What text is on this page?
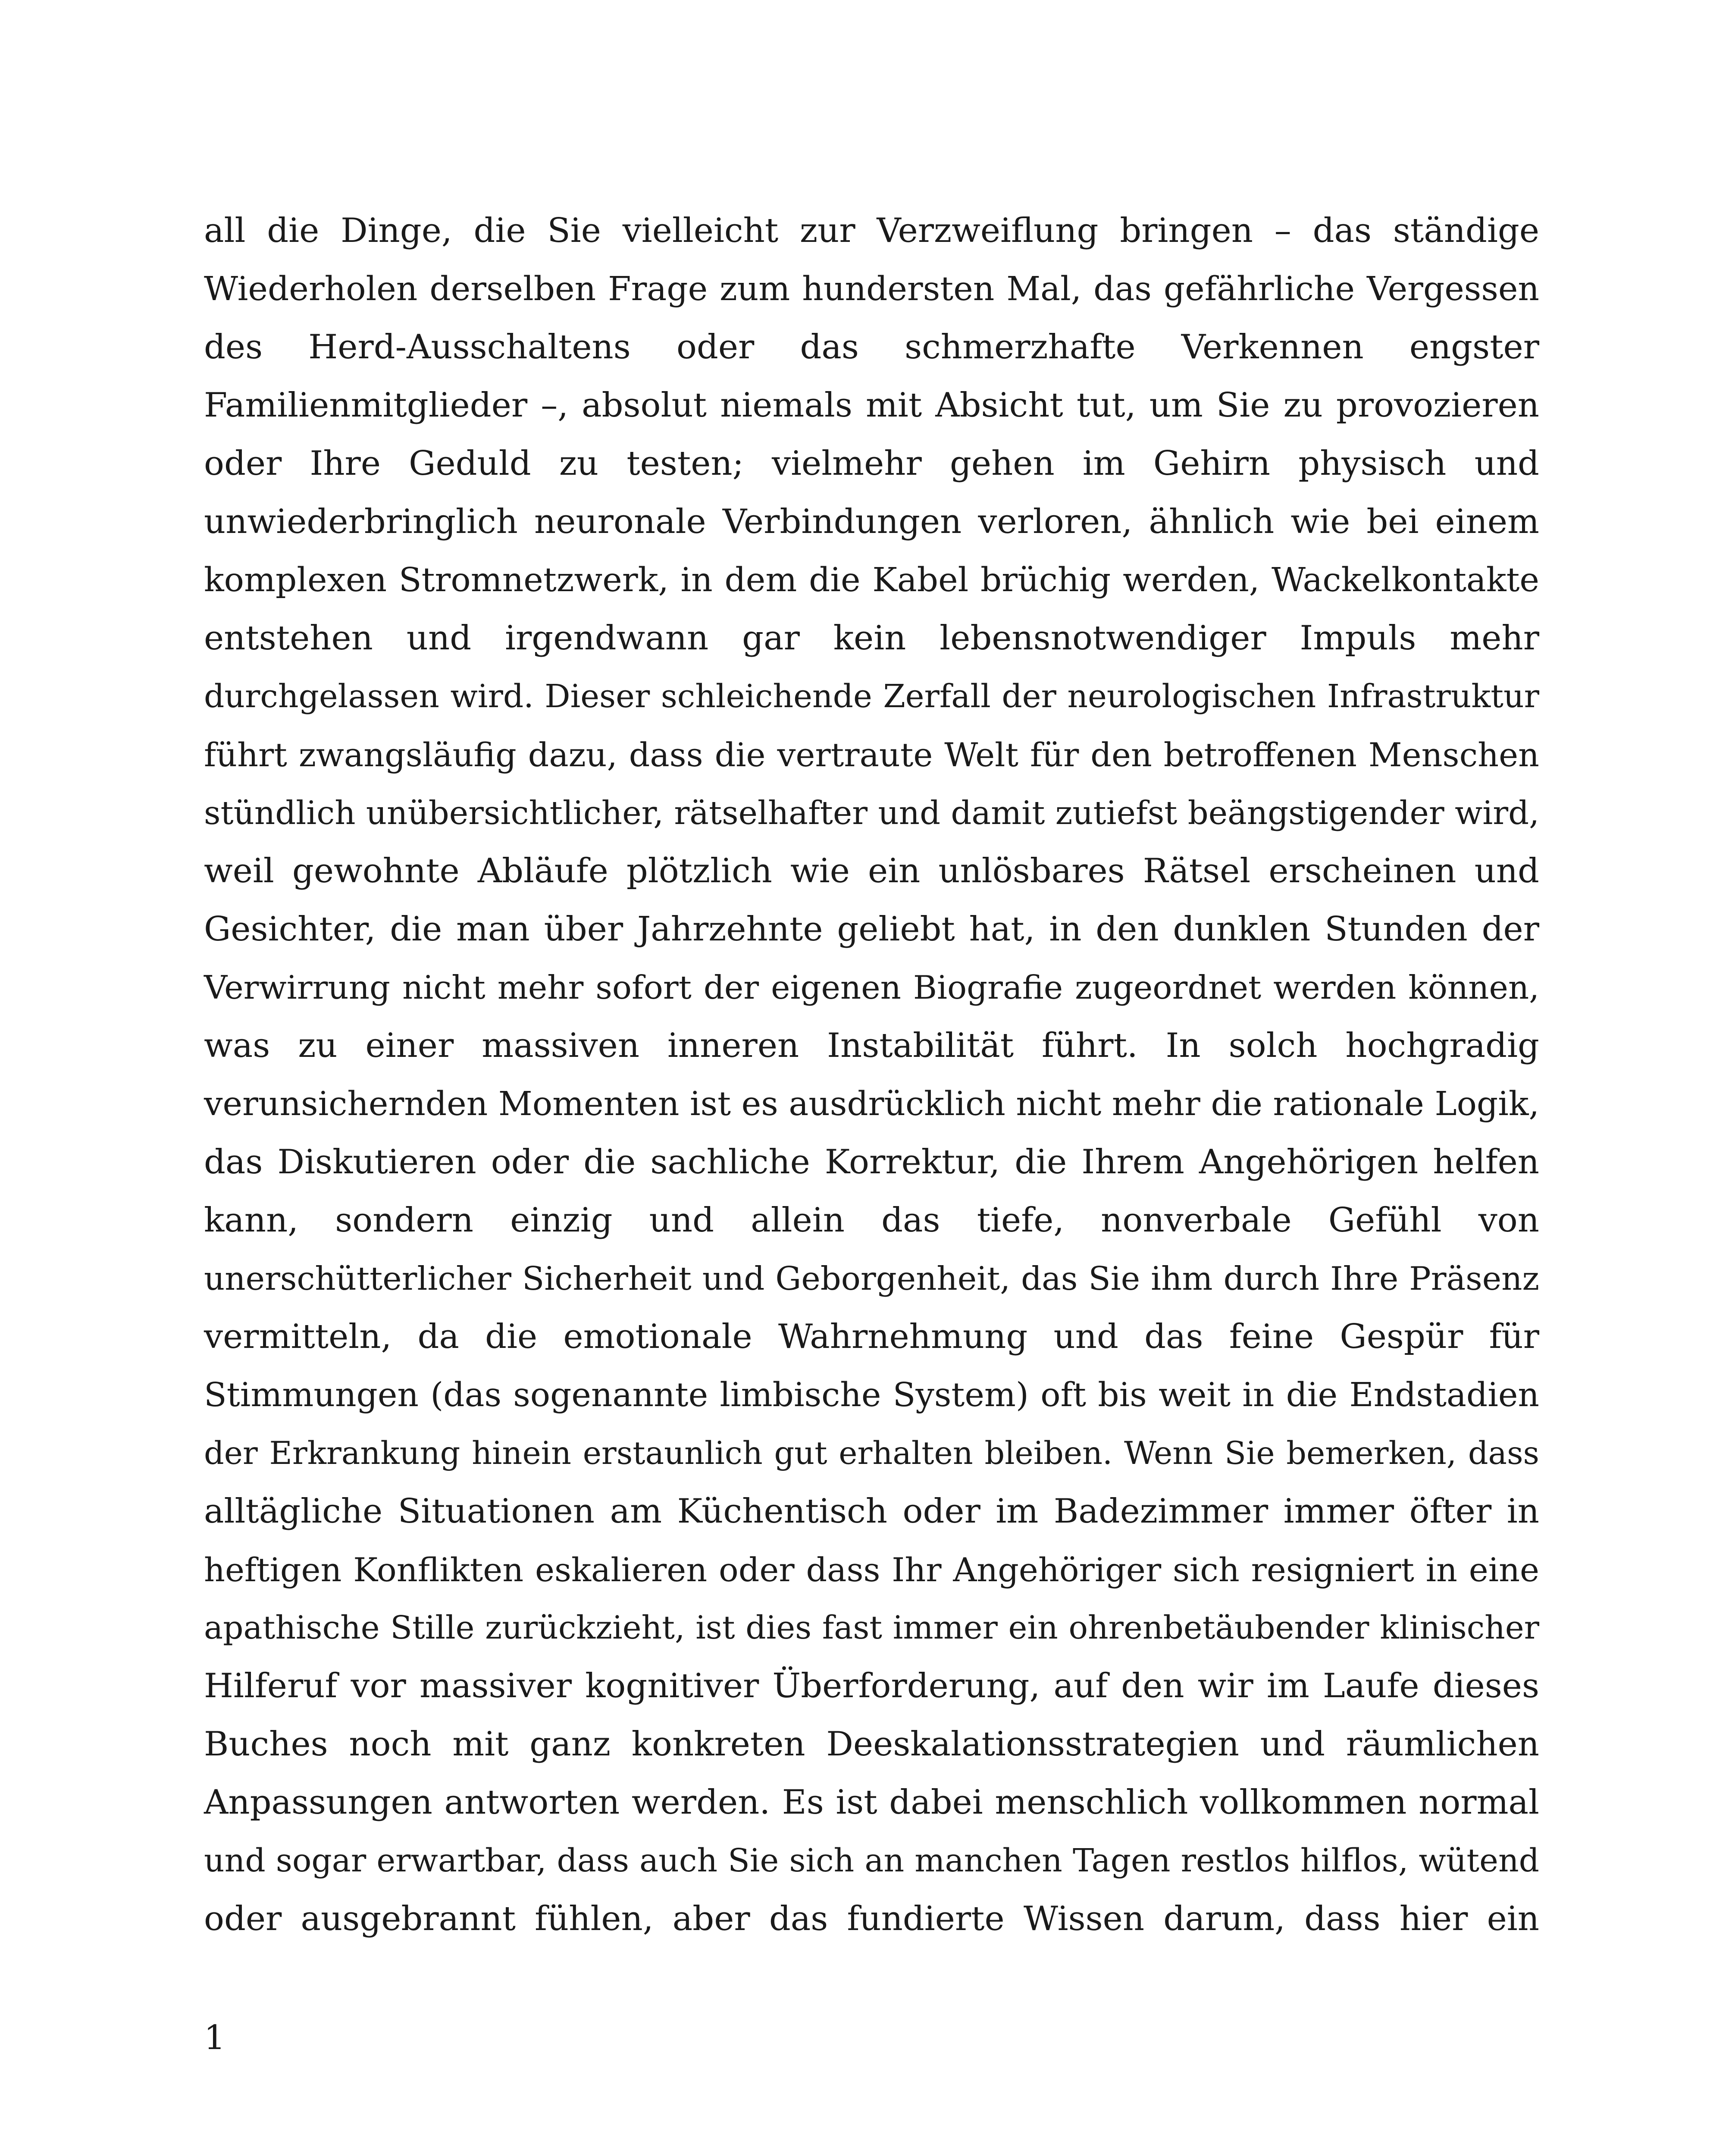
all die Dinge, die Sie vielleicht zur Verzweiflung bringen – das ständige
Wiederholen derselben Frage zum hundersten Mal, das gefährliche Vergessen
des Herd-Ausschaltens oder das schmerzhafte Verkennen engster
Familienmitglieder –, absolut niemals mit Absicht tut, um Sie zu provozieren
oder Ihre Geduld zu testen; vielmehr gehen im Gehirn physisch und
unwiederbringlich neuronale Verbindungen verloren, ähnlich wie bei einem
komplexen Stromnetzwerk, in dem die Kabel brüchig werden, Wackelkontakte
entstehen und irgendwann gar kein lebensnotwendiger Impuls mehr
durchgelassen wird. Dieser schleichende Zerfall der neurologischen Infrastruktur
führt zwangsläufig dazu, dass die vertraute Welt für den betroffenen Menschen
stündlich unübersichtlicher, rätselhafter und damit zutiefst beängstigender wird,
weil gewohnte Abläufe plötzlich wie ein unlösbares Rätsel erscheinen und
Gesichter, die man über Jahrzehnte geliebt hat, in den dunklen Stunden der
Verwirrung nicht mehr sofort der eigenen Biografie zugeordnet werden können,
was zu einer massiven inneren Instabilität führt. In solch hochgradig
verunsichernden Momenten ist es ausdrücklich nicht mehr die rationale Logik,
das Diskutieren oder die sachliche Korrektur, die Ihrem Angehörigen helfen
kann, sondern einzig und allein das tiefe, nonverbale Gefühl von
unerschütterlicher Sicherheit und Geborgenheit, das Sie ihm durch Ihre Präsenz
vermitteln, da die emotionale Wahrnehmung und das feine Gespür für
Stimmungen (das sogenannte limbische System) oft bis weit in die Endstadien
der Erkrankung hinein erstaunlich gut erhalten bleiben. Wenn Sie bemerken, dass
alltägliche Situationen am Küchentisch oder im Badezimmer immer öfter in
heftigen Konflikten eskalieren oder dass Ihr Angehöriger sich resigniert in eine
apathische Stille zurückzieht, ist dies fast immer ein ohrenbetäubender klinischer
Hilferuf vor massiver kognitiver Überforderung, auf den wir im Laufe dieses
Buches noch mit ganz konkreten Deeskalationsstrategien und räumlichen
Anpassungen antworten werden. Es ist dabei menschlich vollkommen normal
und sogar erwartbar, dass auch Sie sich an manchen Tagen restlos hilflos, wütend
oder ausgebrannt fühlen, aber das fundierte Wissen darum, dass hier ein
1
